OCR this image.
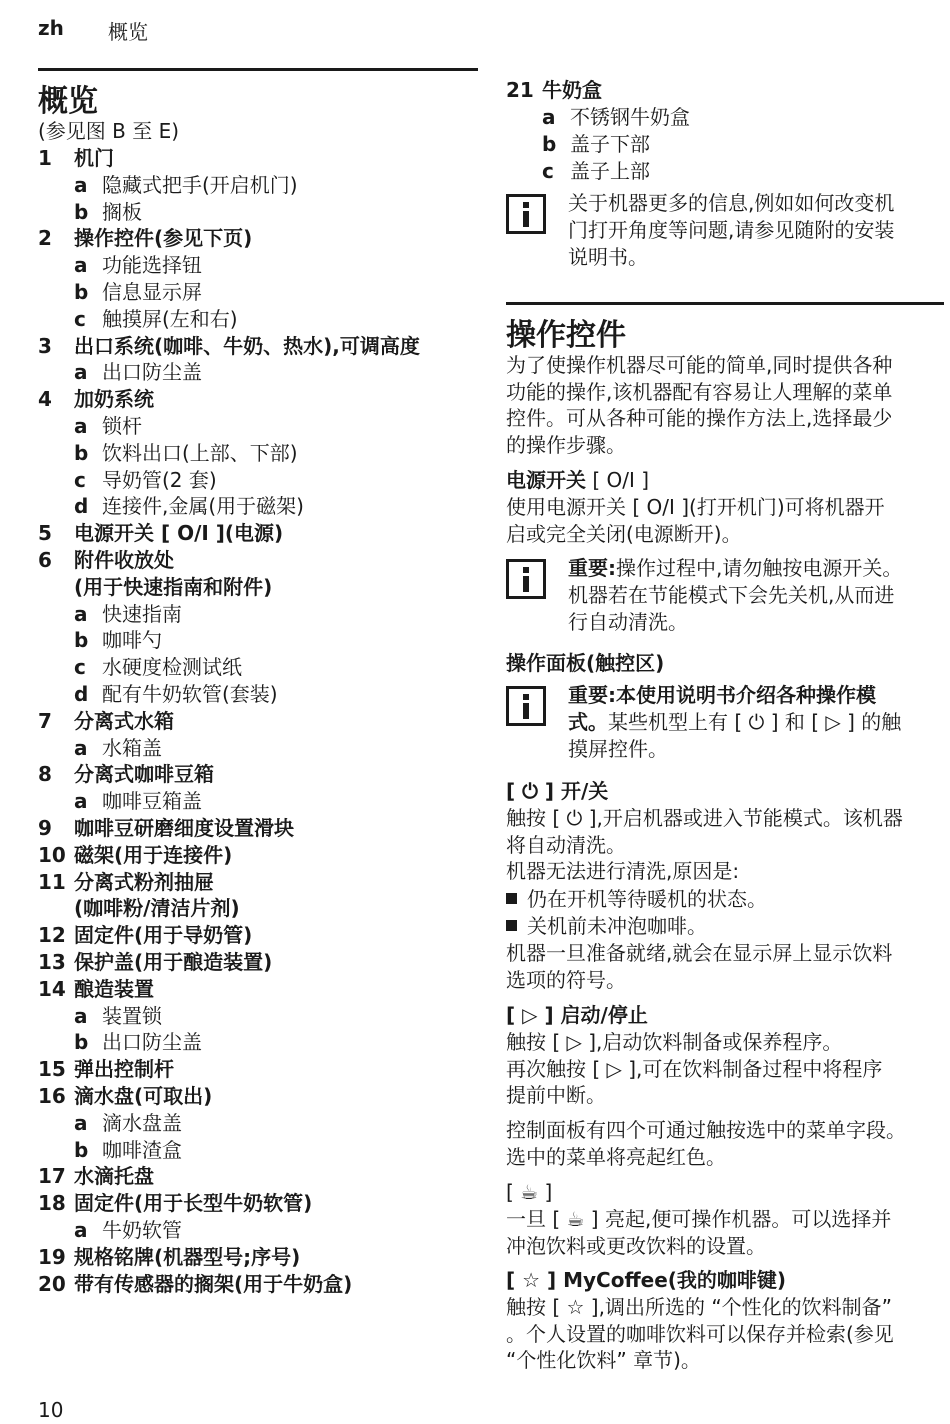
zh 概览
概览
(参见图 B 至 E)
1 机门
a 隐藏式把手(开启机门)
b 搁板
2 操作控件(参见下页)
a 功能选择钮
b 信息显示屏
c 触摸屏(左和右)
3 出口系统(咖啡、牛奶、热水),可调高度
a 出口防尘盖
4 加奶系统
a 锁杆
b 饮料出口(上部、下部)
c 导奶管(2 套)
d 连接件,金属(用于磁架)
5 电源开关 [ O/I ](电源)
6 附件收放处
(用于快速指南和附件)
a 快速指南
b 咖啡勺
c 水硬度检测试纸
d 配有牛奶软管(套装)
7 分离式水箱
a 水箱盖
8 分离式咖啡豆箱
a 咖啡豆箱盖
9 咖啡豆研磨细度设置滑块
10 磁架(用于连接件)
11 分离式粉剂抽屉
(咖啡粉/清洁片剂)
12 固定件(用于导奶管)
13 保护盖(用于酿造装置)
14 酿造装置
a 装置锁
b 出口防尘盖
15 弹出控制杆
16 滴水盘(可取出)
a 滴水盘盖
b 咖啡渣盒
17 水滴托盘
18 固定件(用于长型牛奶软管)
a 牛奶软管
19 规格铭牌(机器型号;序号)
20 带有传感器的搁架(用于牛奶盒)
21 牛奶盒
a 不锈钢牛奶盒
b 盖子下部
c 盖子上部
关于机器更多的信息,例如如何改变机
门打开角度等问题,请参见随附的安装
说明书。
操作控件

为了使操作机器尽可能的简单,同时提供各种

功能的操作,该机器配有容易让人理解的菜单

控件。可从各种可能的操作方法上,选择最少

的操作步骤。

电源开关 [ O/I ]

使用电源开关 [ O/I ](打开机门)可将机器开

启或完全关闭(电源断开)。

重要:操作过程中,请勿触按电源开关。
机器若在节能模式下会先关机,从而进
行自动清洗。
操作面板(触控区)
重要:本使用说明书介绍各种操作模
式。某些机型上有 [ ⏻ ] 和 [ ▷ ] 的触
摸屏控件。
[ ⏻ ] 开/关

触按 [ ⏻ ],开启机器或进入节能模式。该机器

将自动清洗。

机器无法进行清洗,原因是:

仍在开机等待暖机的状态。
关机前未冲泡咖啡。

机器一旦准备就绪,就会在显示屏上显示饮料

选项的符号。

[ ▷ ] 启动/停止

触按 [ ▷ ],启动饮料制备或保养程序。

再次触按 [ ▷ ],可在饮料制备过程中将程序

提前中断。

控制面板有四个可通过触按选中的菜单字段。

选中的菜单将亮起红色。

[ ☕ ]

一旦 [ ☕ ] 亮起,便可操作机器。可以选择并

冲泡饮料或更改饮料的设置。

[ ☆ ] MyCoffee(我的咖啡键)

触按 [ ☆ ],调出所选的 “个性化的饮料制备”

。个人设置的咖啡饮料可以保存并检索(参见

“个性化饮料” 章节)。

10
